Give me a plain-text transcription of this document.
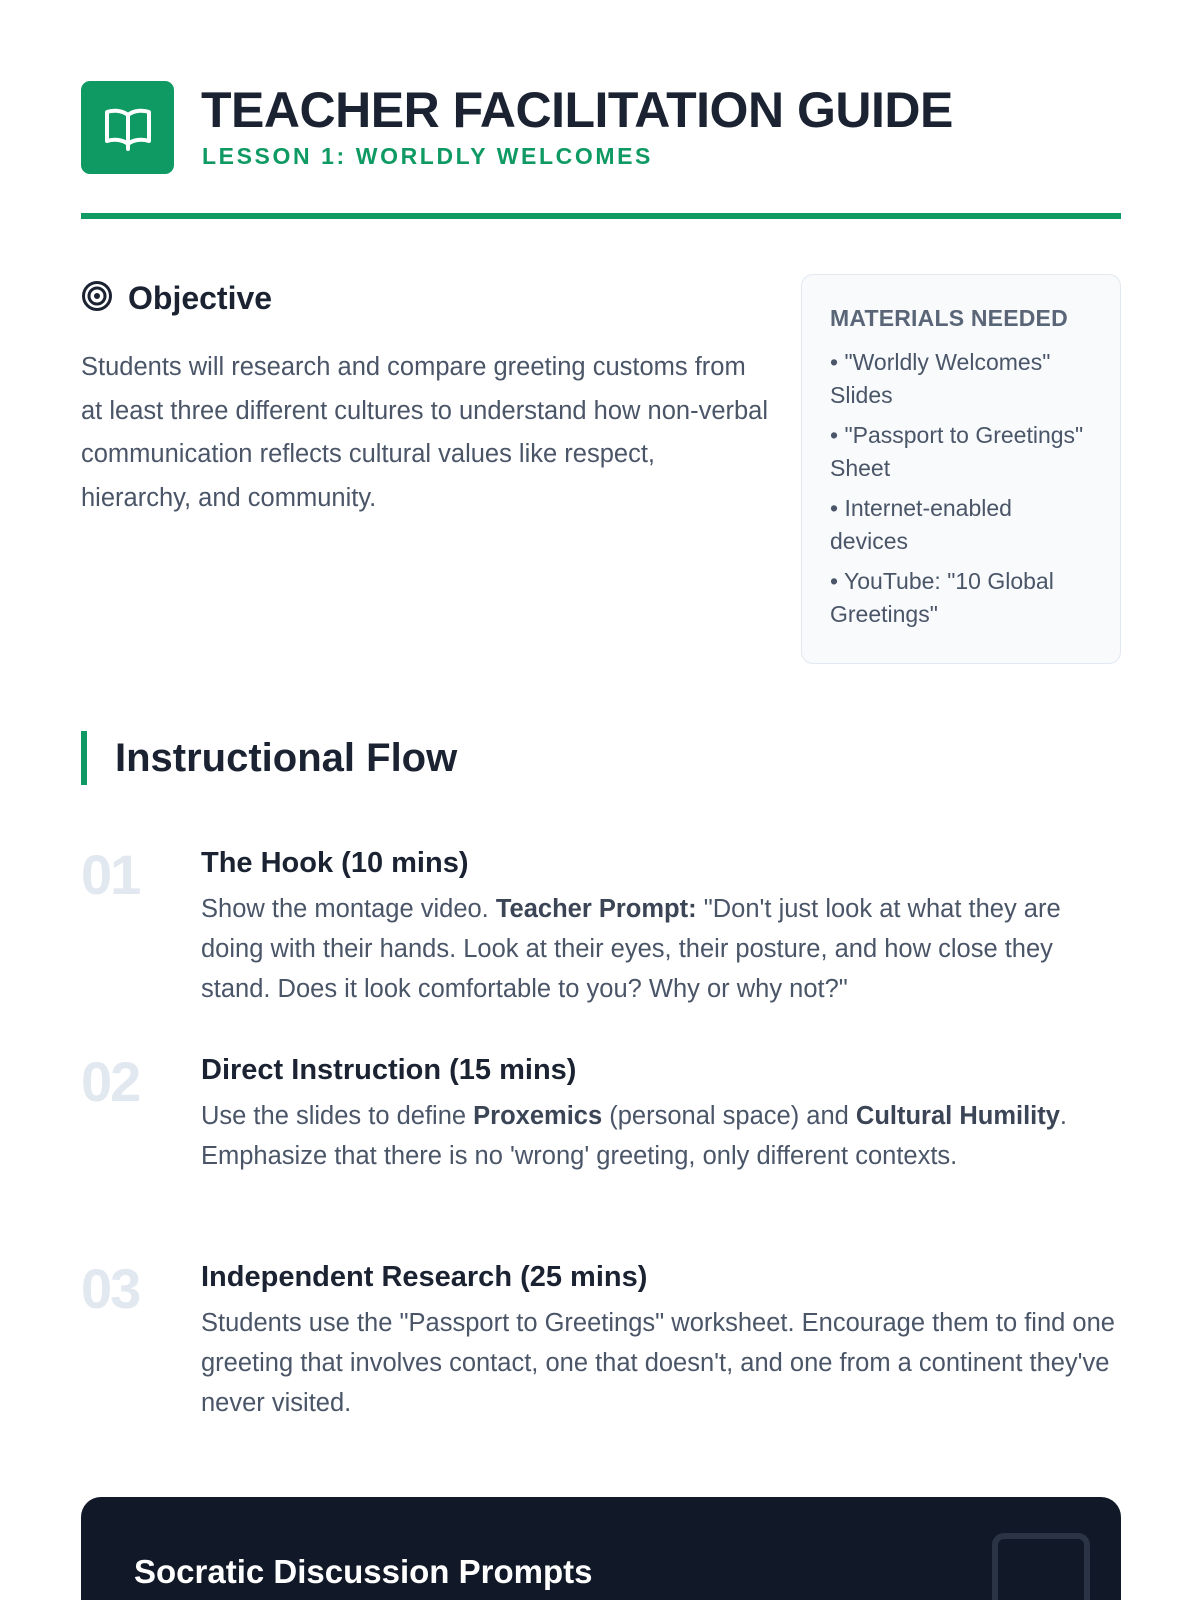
TEACHER FACILITATION GUIDE
LESSON 1: WORLDLY WELCOMES
Objective

Students will research and compare greeting customs from at least three different cultures to understand how non-verbal communication reflects cultural values like respect, hierarchy, and community.

MATERIALS NEEDED
• "Worldly Welcomes" Slides
• "Passport to Greetings" Sheet
• Internet-enabled devices
• YouTube: "10 Global Greetings"
Instructional Flow
01 The Hook (10 mins)
Show the montage video. Teacher Prompt: "Don't just look at what they are doing with their hands. Look at their eyes, their posture, and how close they stand. Does it look comfortable to you? Why or why not?"
02 Direct Instruction (15 mins)
Use the slides to define Proxemics (personal space) and Cultural Humility. Emphasize that there is no 'wrong' greeting, only different contexts.
03 Independent Research (25 mins)
Students use the "Passport to Greetings" worksheet. Encourage them to find one greeting that involves contact, one that doesn't, and one from a continent they've never visited.
Socratic Discussion Prompts
